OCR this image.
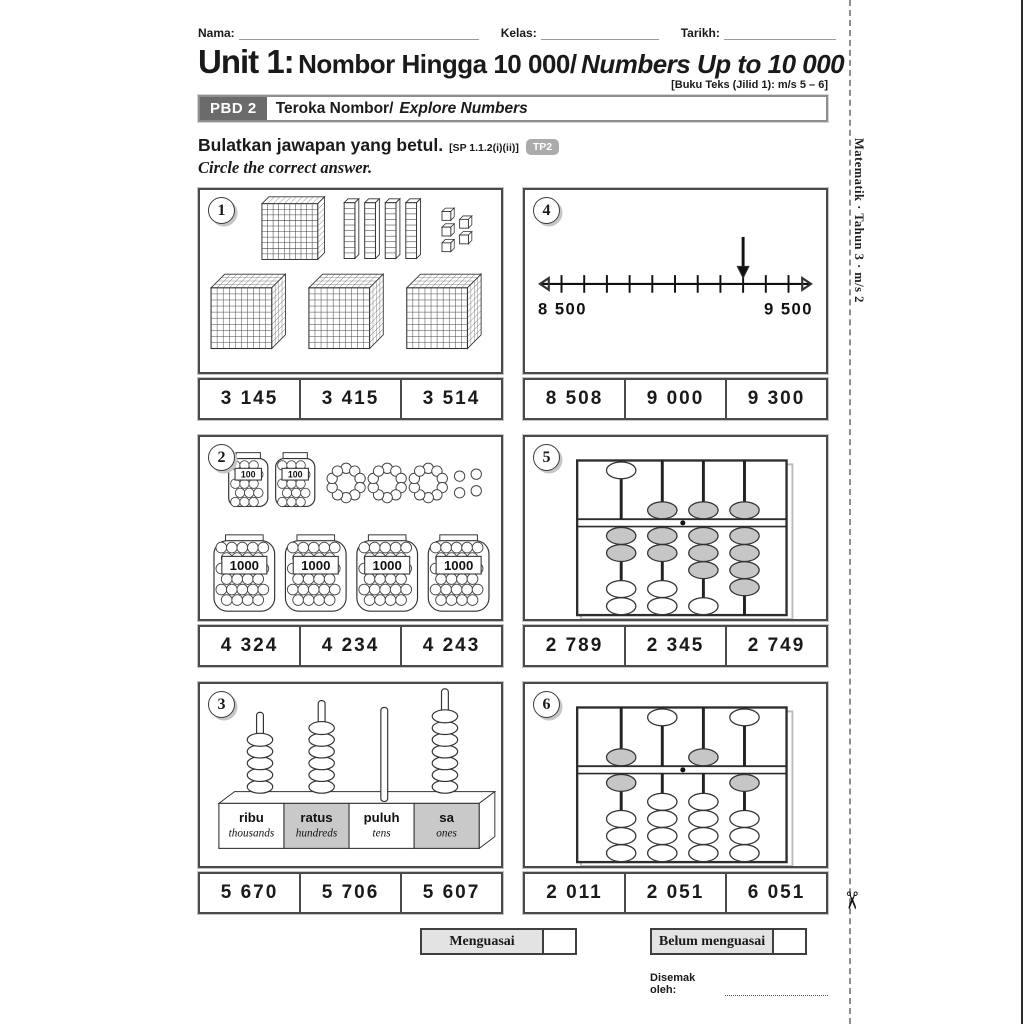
Nama:	Kelas:	Tarikh:
Unit 1: Nombor Hingga 10 000/ Numbers Up to 10 000
[Buku Teks (Jilid 1): m/s 5 – 6]
PBD 2	Teroka Nombor/ Explore Numbers
Bulatkan jawapan yang betul. [SP 1.1.2(i)(ii)]	TP2
Circle the correct answer.
1
3 145	3 415	3 514
4
8 500	9 500
8 508	9 000	9 300
2
100	100
1000	1000	1000	1000
4 324	4 234	4 243
5
2 789	2 345	2 749
3
ribu
thousands
ratus
hundreds
puluh
tens
sa
ones
5 670	5 706	5 607
6
2 011	2 051	6 051
Menguasai	Belum menguasai
Disemak oleh:
Matematik · Tahun 3 · m/s 2
✂
